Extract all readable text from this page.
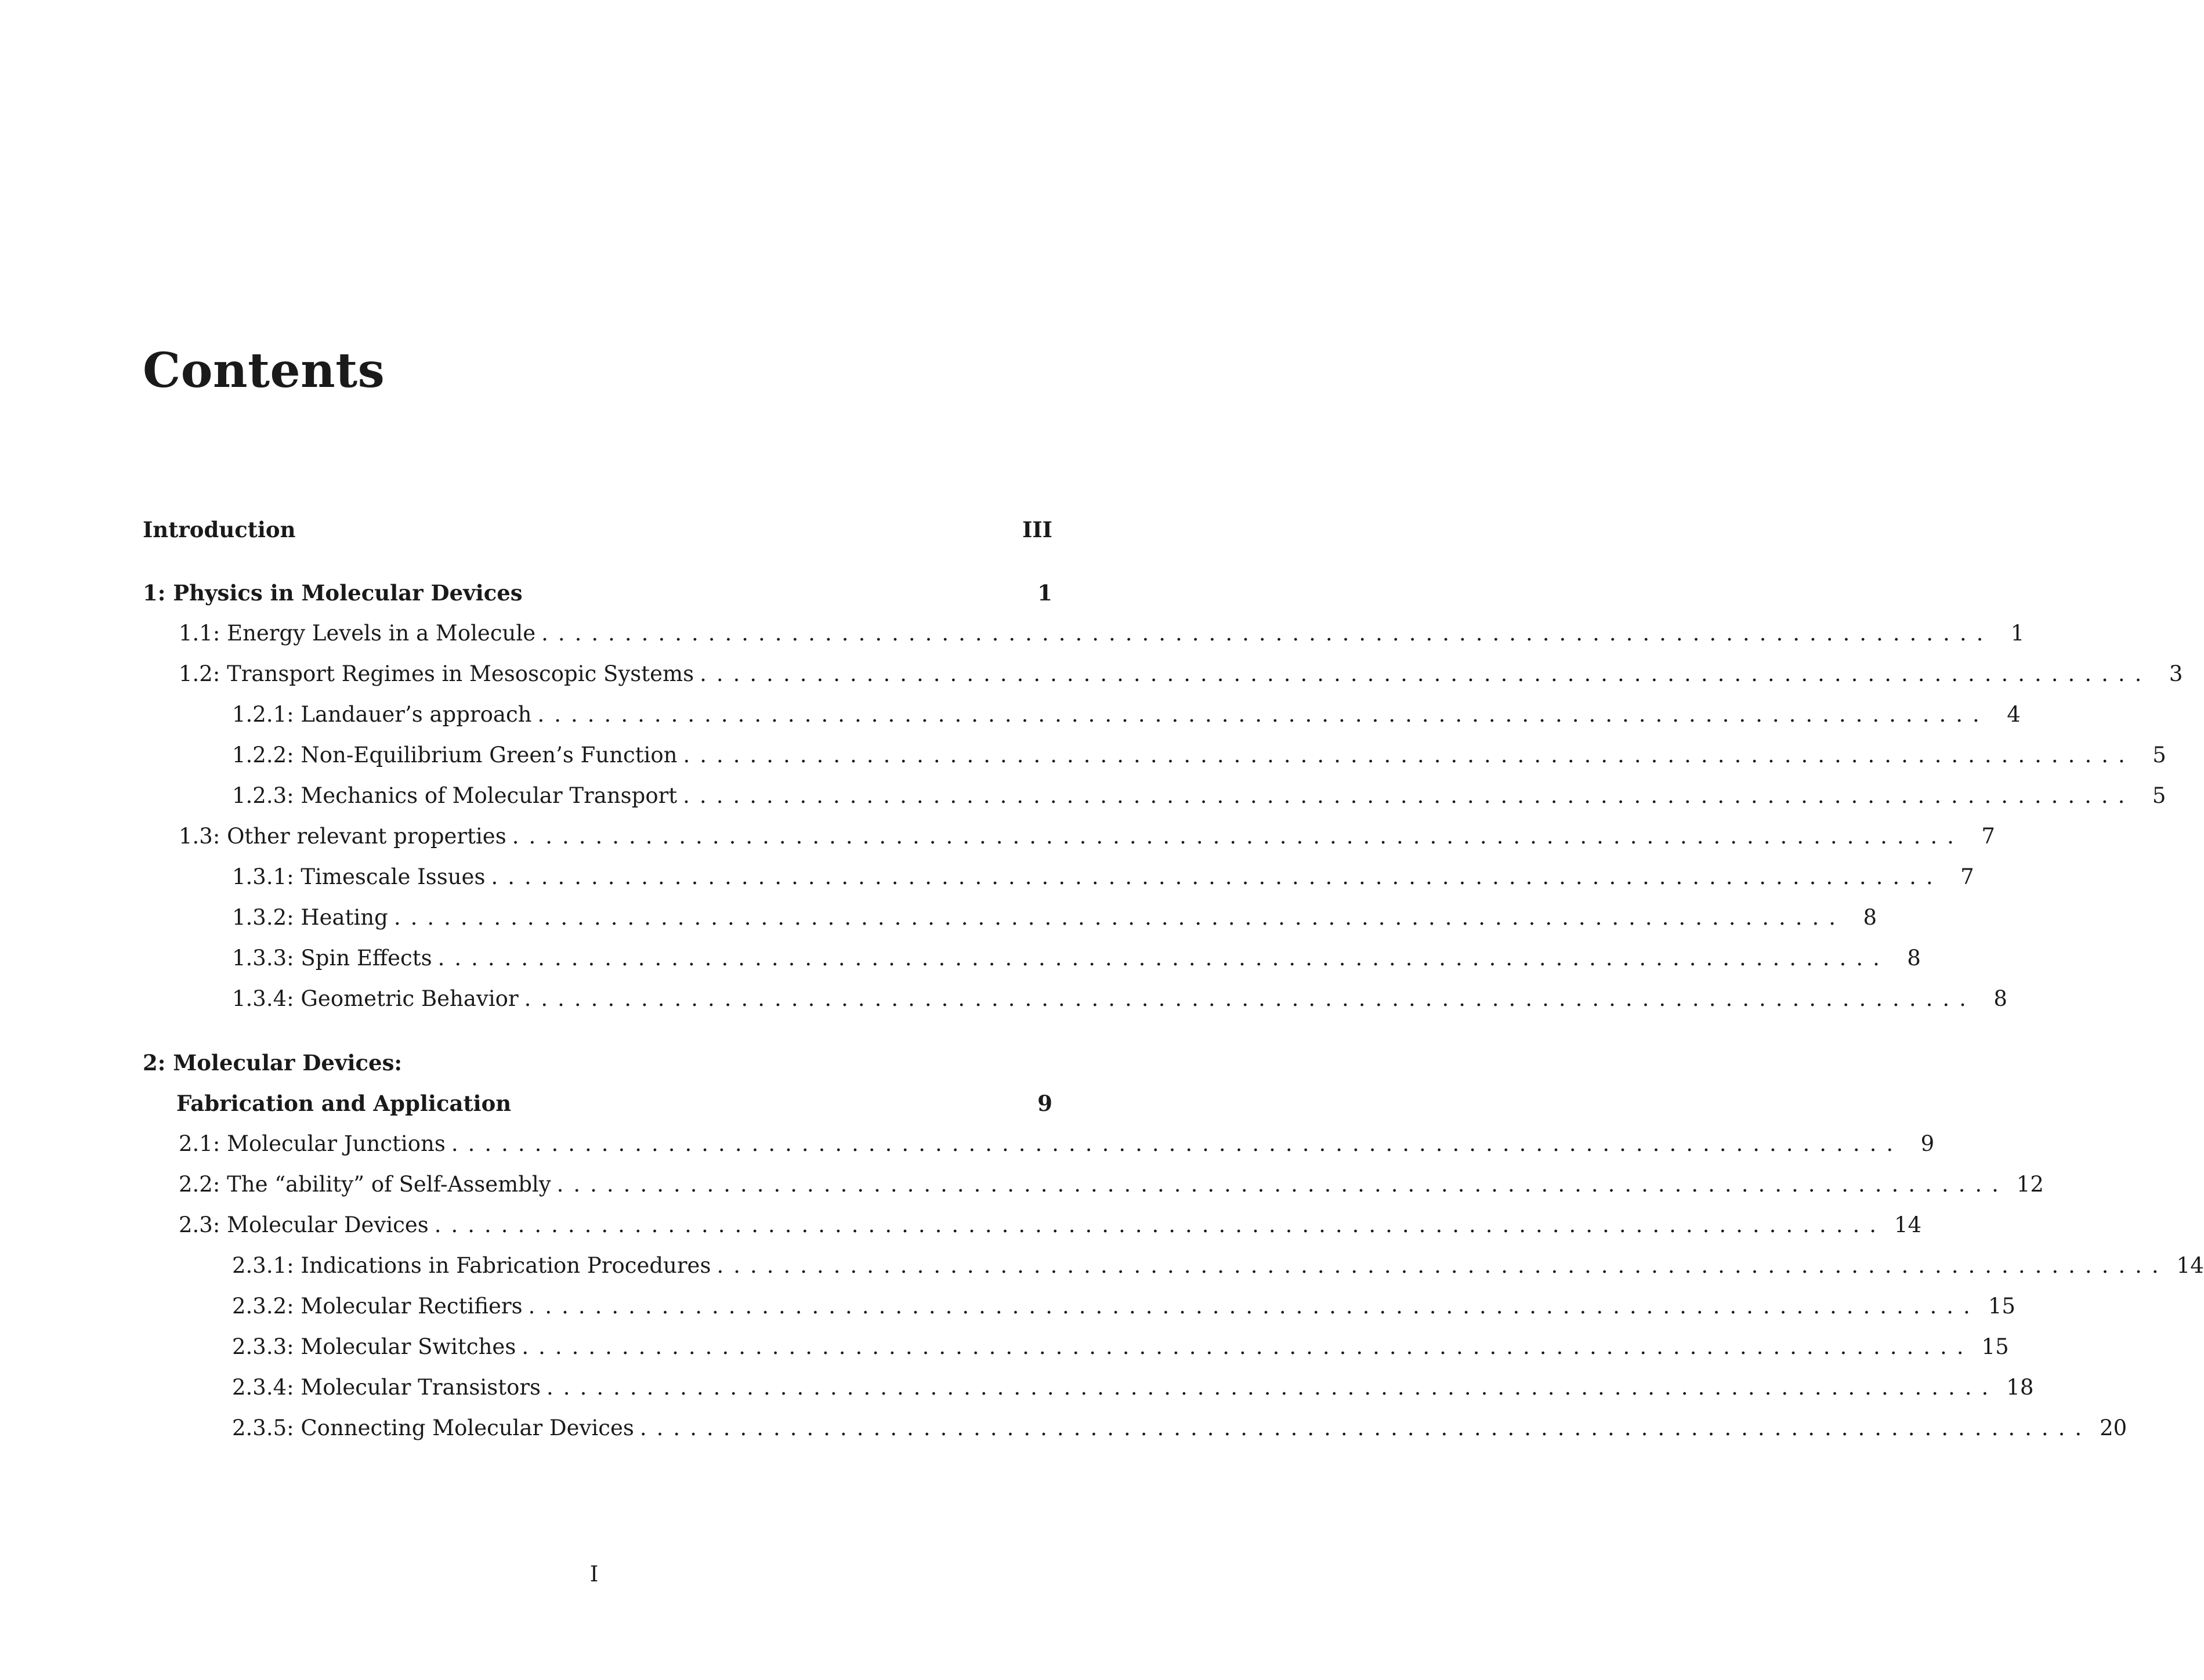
Contents
Introduction	III
1: Physics in Molecular Devices	1
1.1: Energy Levels in a Molecule ....................................................................................... 1
1.2: Transport Regimes in Mesoscopic Systems ....................................................................................... 3
1.2.1: Landauer’s approach ....................................................................................... 4
1.2.2: Non-Equilibrium Green’s Function ....................................................................................... 5
1.2.3: Mechanics of Molecular Transport ....................................................................................... 5
1.3: Other relevant properties ....................................................................................... 7
1.3.1: Timescale Issues ....................................................................................... 7
1.3.2: Heating ....................................................................................... 8
1.3.3: Spin Effects ....................................................................................... 8
1.3.4: Geometric Behavior ....................................................................................... 8
2: Molecular Devices:
Fabrication and Application	9
2.1: Molecular Junctions ....................................................................................... 9
2.2: The “ability” of Self-Assembly ....................................................................................... 12
2.3: Molecular Devices ....................................................................................... 14
2.3.1: Indications in Fabrication Procedures ....................................................................................... 14
2.3.2: Molecular Rectifiers ....................................................................................... 15
2.3.3: Molecular Switches ....................................................................................... 15
2.3.4: Molecular Transistors ....................................................................................... 18
2.3.5: Connecting Molecular Devices ....................................................................................... 20
I
